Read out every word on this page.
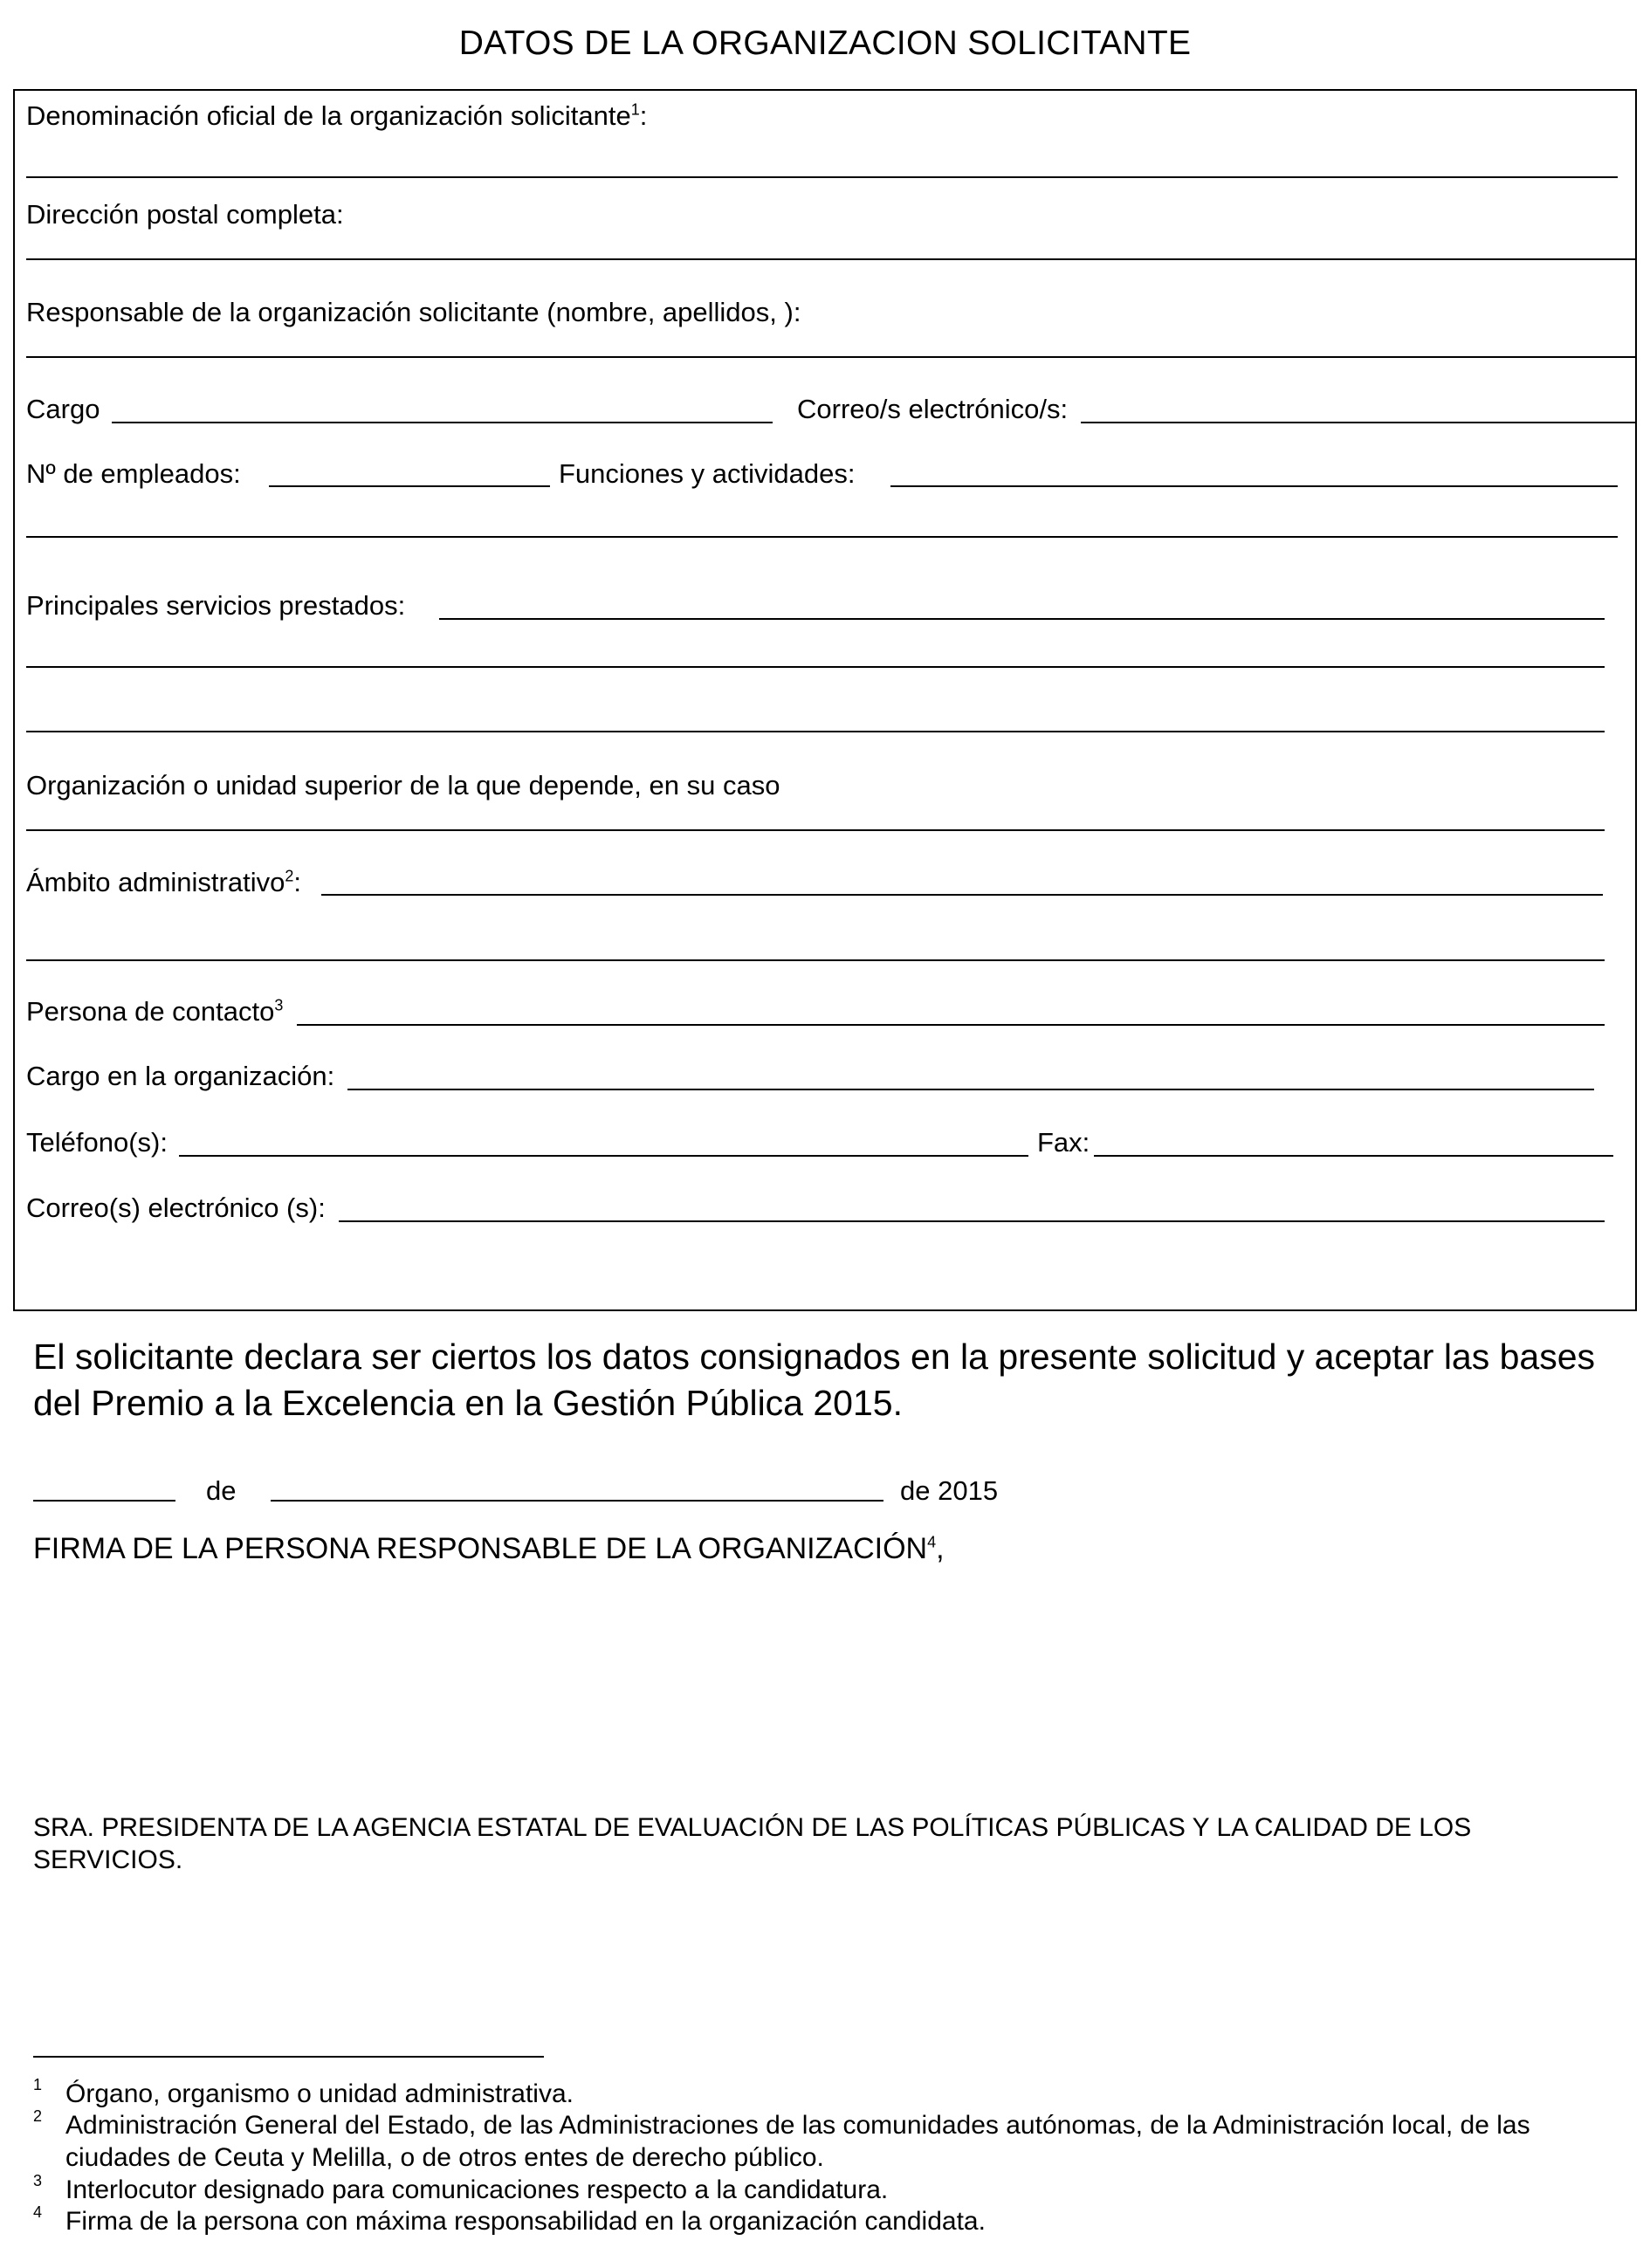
DATOS DE LA ORGANIZACION SOLICITANTE
Denominación oficial de la organización solicitante$^1$:
Dirección postal completa:
Responsable de la organización solicitante (nombre, apellidos, ):
Cargo	Correo/s electrónico/s:
Nº de empleados:	Funciones y actividades:
Principales servicios prestados:
Organización o unidad superior de la que depende, en su caso
Ámbito administrativo$^2$:
Persona de contacto$^3$
Cargo en la organización:
Teléfono(s):	Fax:
Correo(s) electrónico (s):
El solicitante declara ser ciertos los datos consignados en la presente solicitud y aceptar las bases del Premio a la Excelencia en la Gestión Pública 2015.
de	de 2015
FIRMA DE LA PERSONA RESPONSABLE DE LA ORGANIZACIÓN$^4$,
SRA. PRESIDENTA DE LA AGENCIA ESTATAL DE EVALUACIÓN DE LAS POLÍTICAS PÚBLICAS Y LA CALIDAD DE LOS SERVICIOS.
1 Órgano, organismo o unidad administrativa.
2 Administración General del Estado, de las Administraciones de las comunidades autónomas, de la Administración local, de las ciudades de Ceuta y Melilla, o de otros entes de derecho público.
3 Interlocutor designado para comunicaciones respecto a la candidatura.
4 Firma de la persona con máxima responsabilidad en la organización candidata.
